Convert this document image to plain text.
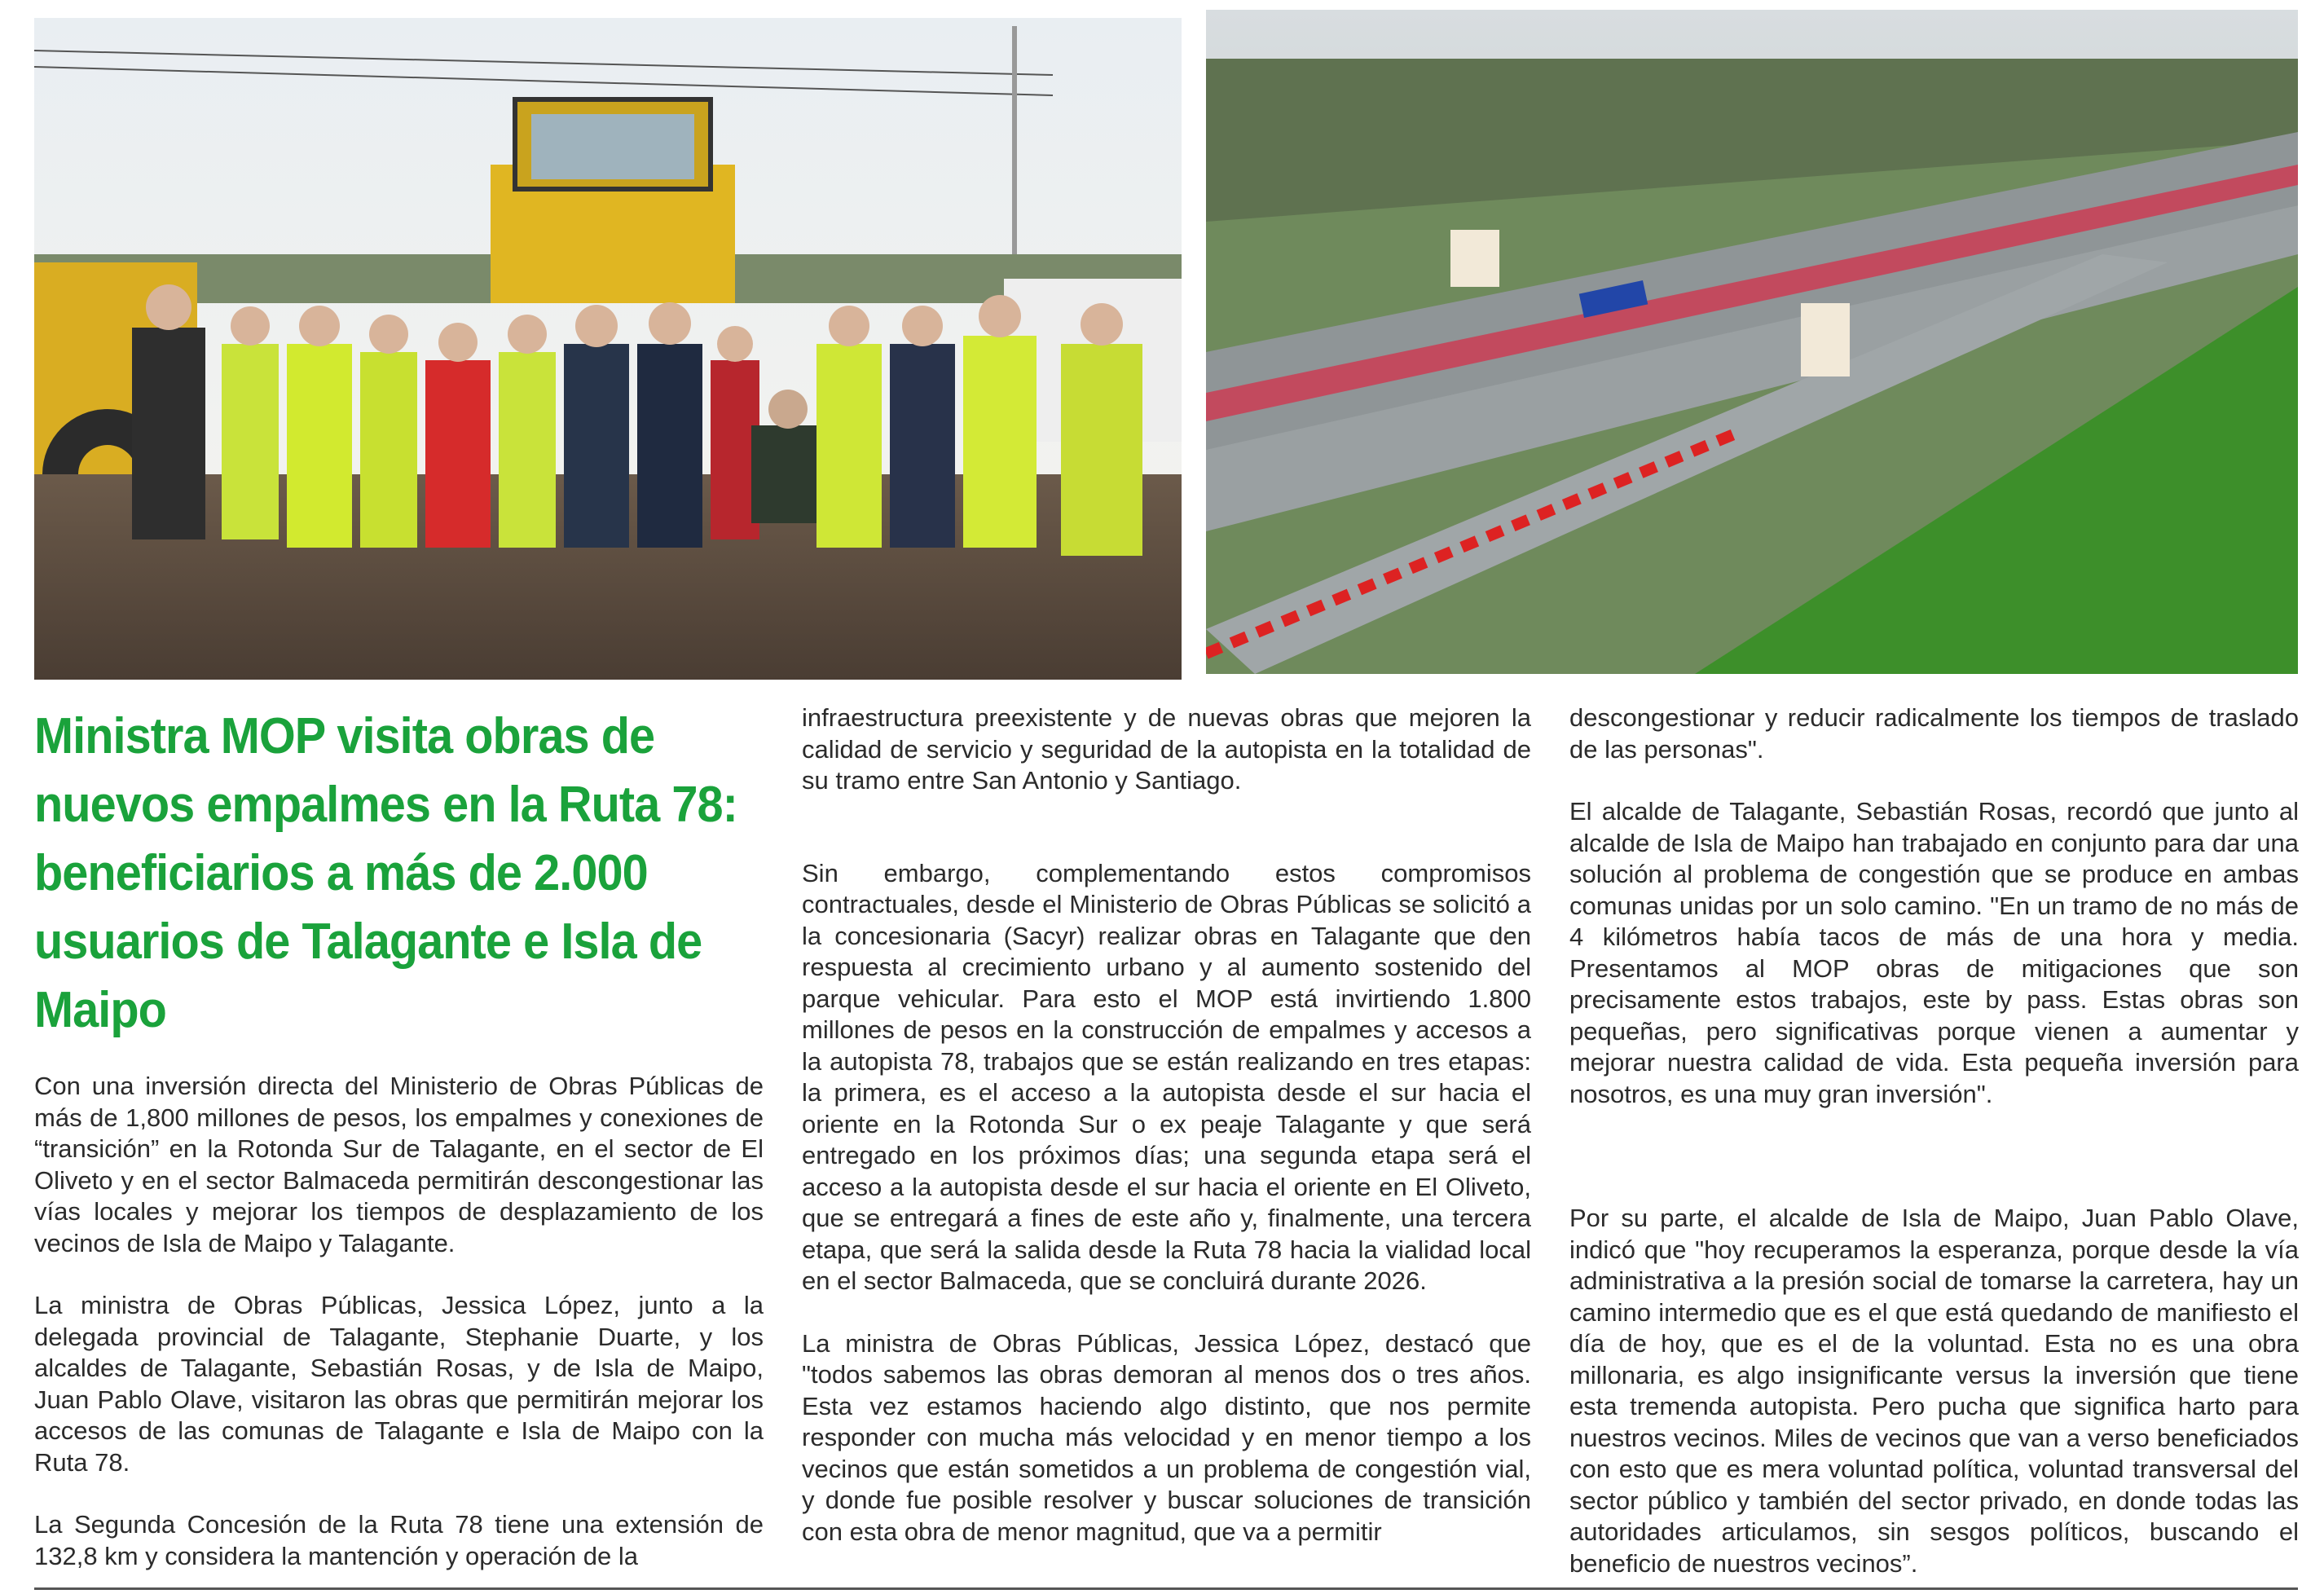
Ministra MOP visita obras de nuevos empalmes en la Ruta 78: beneficiarios a más de 2.000 usuarios de Talagante e Isla de Maipo

Con una inversión directa del Ministerio de Obras Públicas de más de 1,800 millones de pesos, los empalmes y conexiones de “transición” en la Rotonda Sur de Talagante, en el sector de El Oliveto y en el sector Balmaceda permitirán descongestionar las vías locales y mejorar los tiempos de desplazamiento de los vecinos de Isla de Maipo y Talagante.

La ministra de Obras Públicas, Jessica López, junto a la delegada provincial de Talagante, Stephanie Duarte, y los alcaldes de Talagante, Sebastián Rosas, y de Isla de Maipo, Juan Pablo Olave, visitaron las obras que permitirán mejorar los accesos de las comunas de Talagante e Isla de Maipo con la Ruta 78.

La Segunda Concesión de la Ruta 78 tiene una extensión de 132,8 km y considera la mantención y operación de la

infraestructura preexistente y de nuevas obras que mejoren la calidad de servicio y seguridad de la autopista en la totalidad de su tramo entre San Antonio y Santiago.

Sin embargo, complementando estos compromisos contractuales, desde el Ministerio de Obras Públicas se solicitó a la concesionaria (Sacyr) realizar obras en Talagante que den respuesta al crecimiento urbano y al aumento sostenido del parque vehicular. Para esto el MOP está invirtiendo 1.800 millones de pesos en la construcción de empalmes y accesos a la autopista 78, trabajos que se están realizando en tres etapas: la primera, es el acceso a la autopista desde el sur hacia el oriente en la Rotonda Sur o ex peaje Talagante y que será entregado en los próximos días; una segunda etapa será el acceso a la autopista desde el sur hacia el oriente en El Oliveto, que se entregará a fines de este año y, finalmente, una tercera etapa, que será la salida desde la Ruta 78 hacia la vialidad local en el sector Balmaceda, que se concluirá durante 2026.

La ministra de Obras Públicas, Jessica López, destacó que "todos sabemos las obras demoran al menos dos o tres años. Esta vez estamos haciendo algo distinto, que nos permite responder con mucha más velocidad y en menor tiempo a los vecinos que están sometidos a un problema de congestión vial, y donde fue posible resolver y buscar soluciones de transición con esta obra de menor magnitud, que va a permitir

descongestionar y reducir radicalmente los tiempos de traslado de las personas".

El alcalde de Talagante, Sebastián Rosas, recordó que junto al alcalde de Isla de Maipo han trabajado en conjunto para dar una solución al problema de congestión que se produce en ambas comunas unidas por un solo camino. "En un tramo de no más de 4 kilómetros había tacos de más de una hora y media. Presentamos al MOP obras de mitigaciones que son precisamente estos trabajos, este by pass. Estas obras son pequeñas, pero significativas porque vienen a aumentar y mejorar nuestra calidad de vida. Esta pequeña inversión para nosotros, es una muy gran inversión".

Por su parte, el alcalde de Isla de Maipo, Juan Pablo Olave, indicó que "hoy recuperamos la esperanza, porque desde la vía administrativa a la presión social de tomarse la carretera, hay un camino intermedio que es el que está quedando de manifiesto el día de hoy, que es el de la voluntad. Esta no es una obra millonaria, es algo insignificante versus la inversión que tiene esta tremenda autopista. Pero pucha que significa harto para nuestros vecinos. Miles de vecinos que van a verso beneficiados con esto que es mera voluntad política, voluntad transversal del sector público y también del sector privado, en donde todas las autoridades articulamos, sin sesgos políticos, buscando el beneficio de nuestros vecinos”.
